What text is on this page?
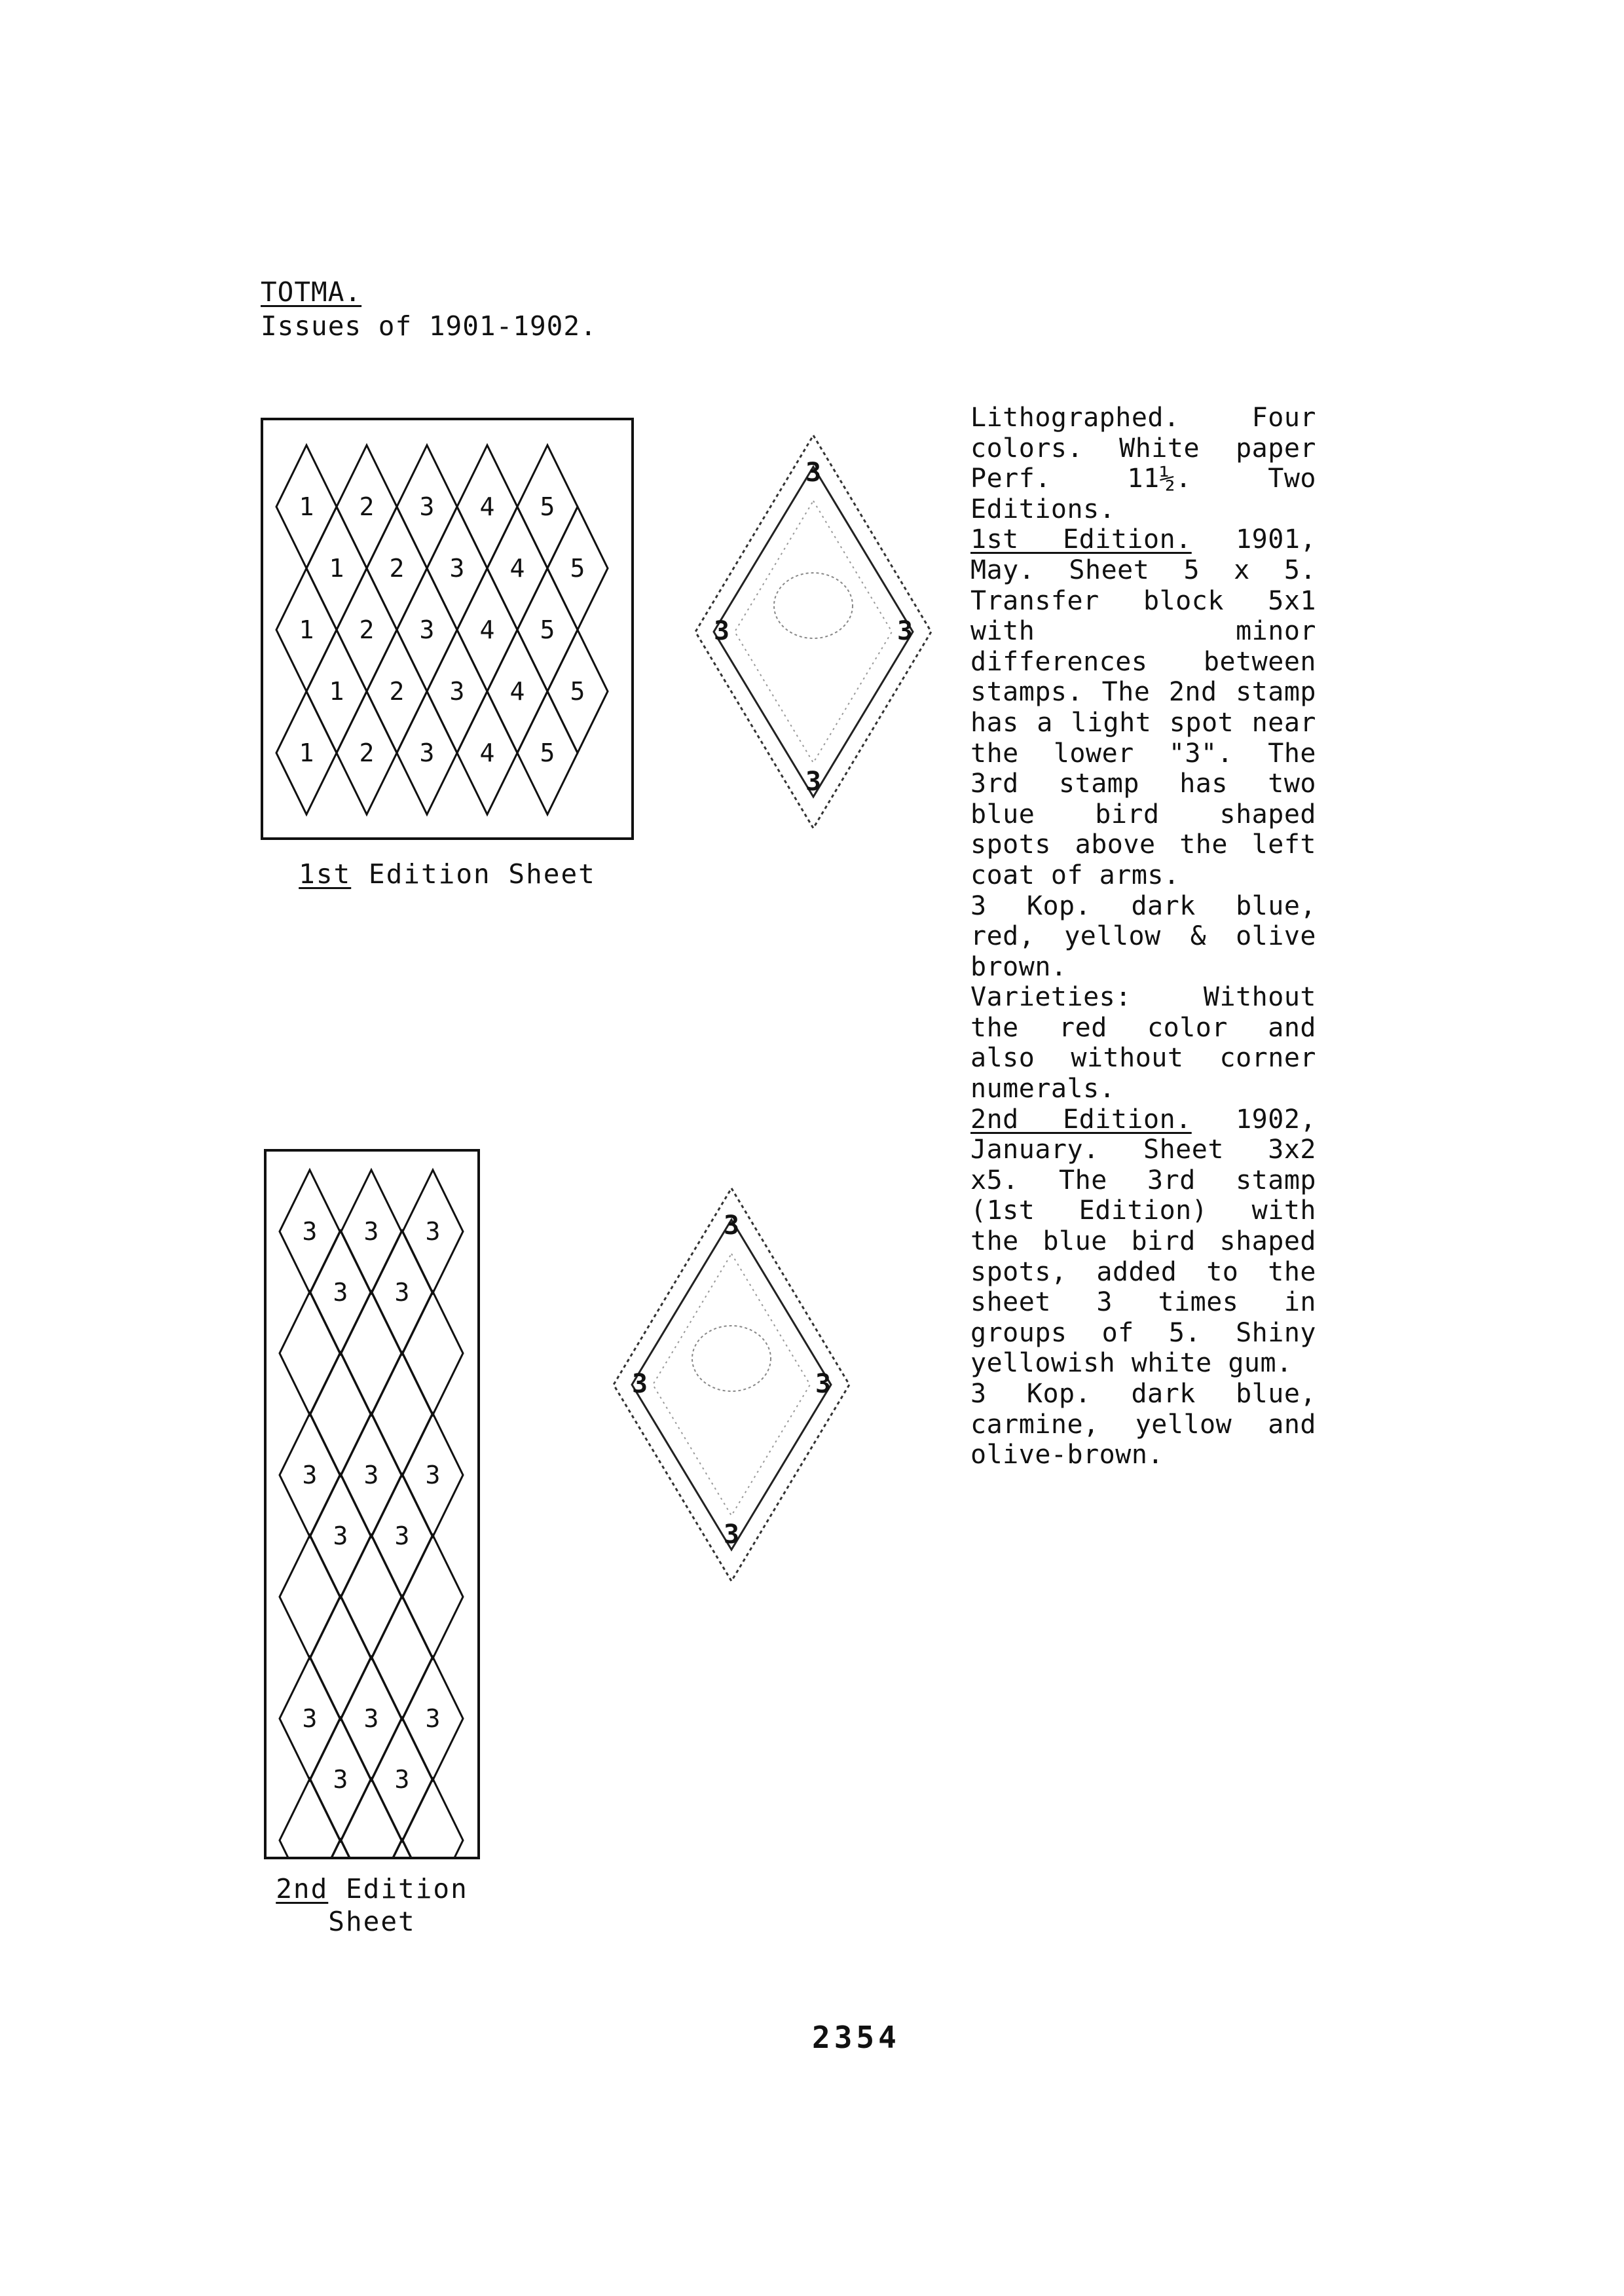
TOTMA.
Issues of 1901-1902.
1 2 3 4 5
1 2 3 4 5
1 2 3 4 5
1 2 3 4 5
1 2 3 4 5
1st Edition Sheet
3 3 3
3 3
3 3 3
3 3
3 3 3
3 3
2nd Edition
Sheet
3
3	3
3
3
3	3
3

Lithographed. Four colors. White paper Perf. 11½. Two Editions.

1st Edition. 1901, May. Sheet 5 x 5. Transfer block 5x1 with minor differences between stamps. The 2nd stamp has a light spot near the lower "3". The 3rd stamp has two blue bird shaped spots above the left coat of arms.

3 Kop. dark blue, red, yellow & olive brown.

Varieties: Without the red color and also without corner numerals.

2nd Edition. 1902, January. Sheet 3x2 x5. The 3rd stamp (1st Edition) with the blue bird shaped spots, added to the sheet 3 times in groups of 5. Shiny yellowish white gum.

3 Kop. dark blue, carmine, yellow and olive-brown.

2354
